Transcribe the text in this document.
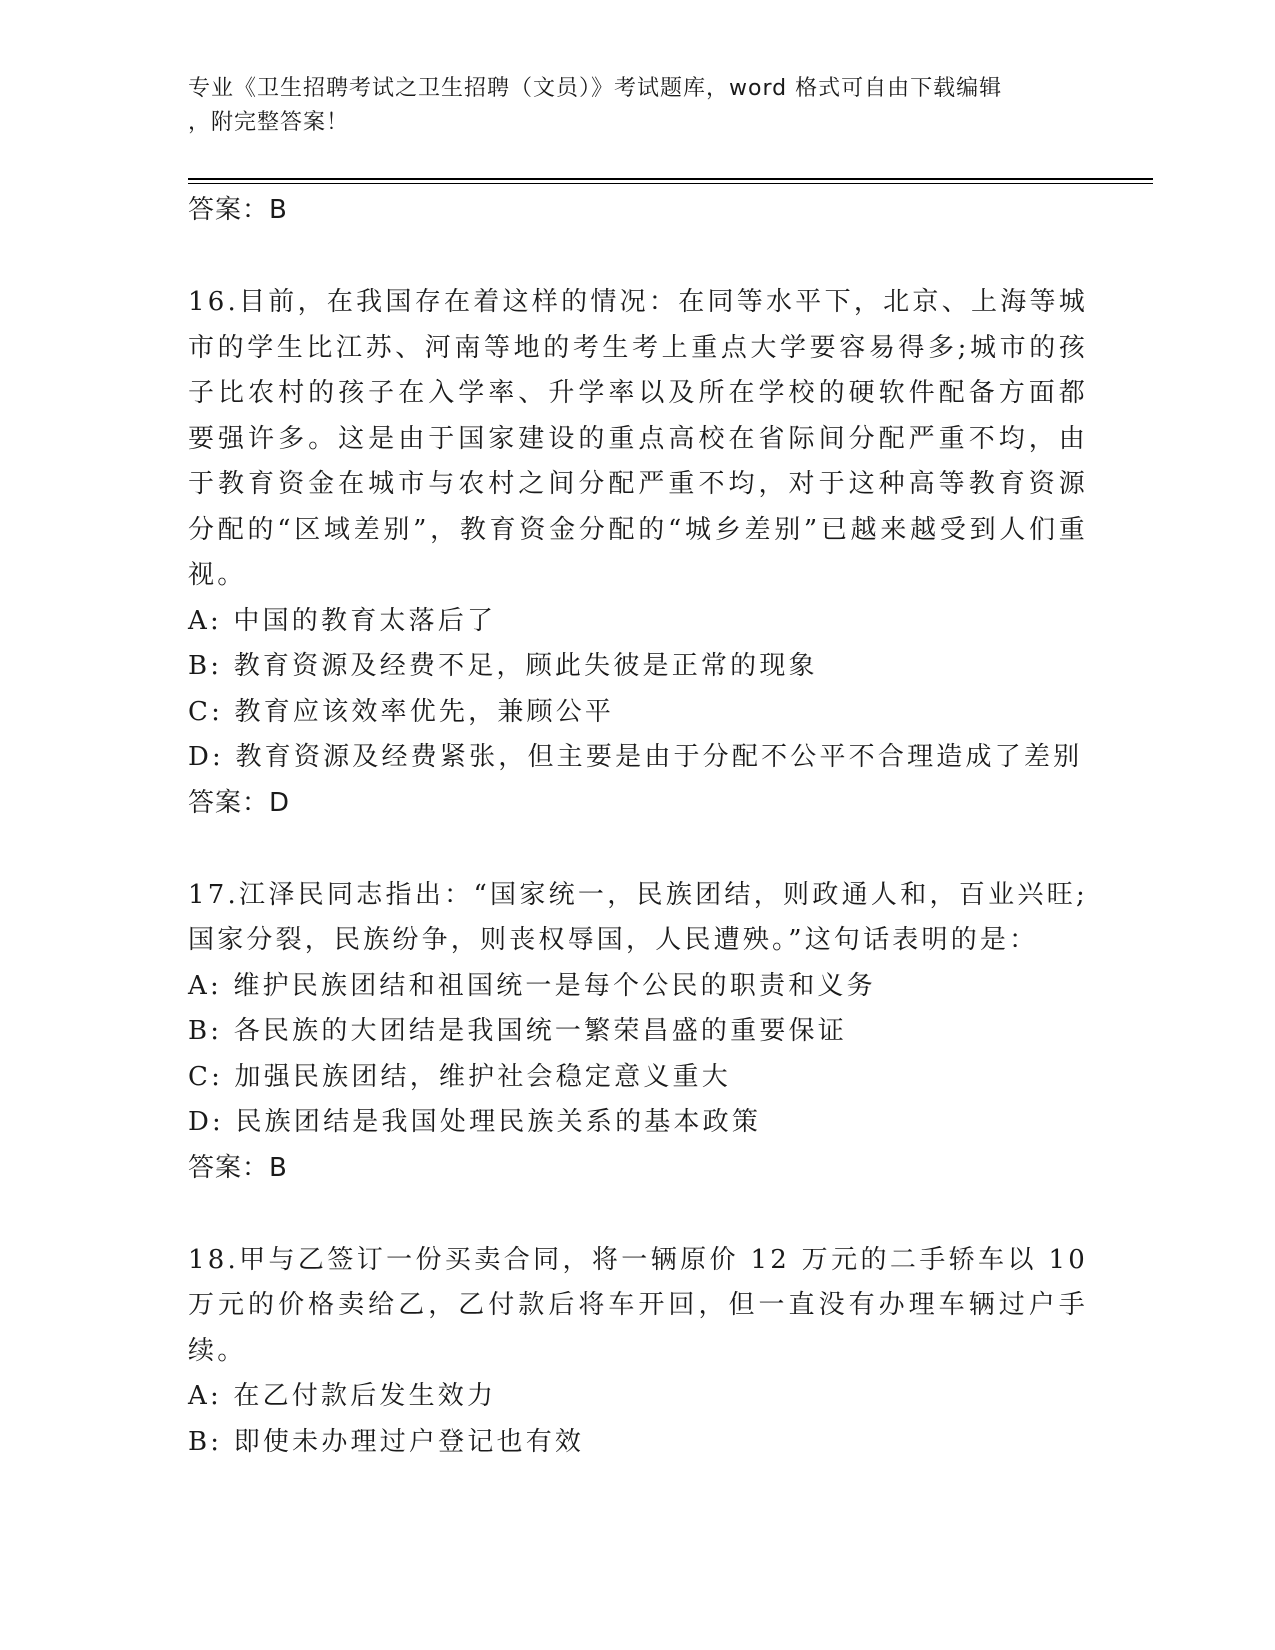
专业《卫生招聘考试之卫生招聘（文员）》考试题库，word 格式可自由下载编辑
，附完整答案！

答案：B

16.目前，在我国存在着这样的情况：在同等水平下，北京、上海等城市的学生比江苏、河南等地的考生考上重点大学要容易得多;城市的孩子比农村的孩子在入学率、升学率以及所在学校的硬软件配备方面都要强许多。这是由于国家建设的重点高校在省际间分配严重不均，由于教育资金在城市与农村之间分配严重不均，对于这种高等教育资源分配的“区域差别”，教育资金分配的“城乡差别”已越来越受到人们重视。

A: 中国的教育太落后了

B: 教育资源及经费不足，顾此失彼是正常的现象

C: 教育应该效率优先，兼顾公平

D: 教育资源及经费紧张，但主要是由于分配不公平不合理造成了差别

答案：D

17.江泽民同志指出：“国家统一，民族团结，则政通人和，百业兴旺;国家分裂，民族纷争，则丧权辱国，人民遭殃。”这句话表明的是：

A: 维护民族团结和祖国统一是每个公民的职责和义务

B: 各民族的大团结是我国统一繁荣昌盛的重要保证

C: 加强民族团结，维护社会稳定意义重大

D: 民族团结是我国处理民族关系的基本政策

答案：B

18.甲与乙签订一份买卖合同，将一辆原价 12 万元的二手轿车以 10 万元的价格卖给乙，乙付款后将车开回，但一直没有办理车辆过户手续。

A: 在乙付款后发生效力

B: 即使未办理过户登记也有效
